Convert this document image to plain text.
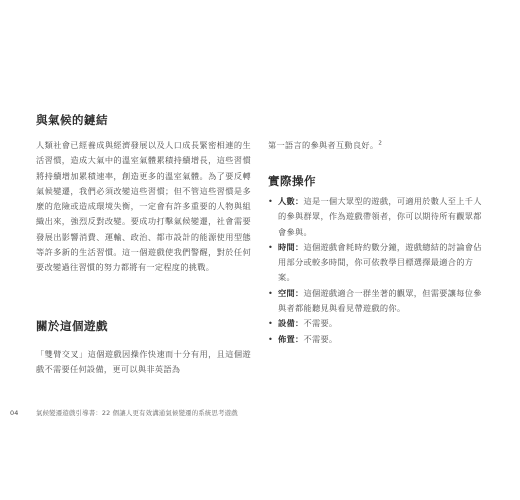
與氣候的鏈結

人類社會已經養成與經濟發展以及人口成長緊密相連的生活習慣，造成大氣中的溫室氣體累積持續增長，這些習慣將持續增加累積速率，創造更多的溫室氣體。為了要反轉氣候變遷，我們必須改變這些習慣；但不管這些習慣是多麼的危險或造成環境失衡，一定會有許多重要的人物與組織出來，強烈反對改變。要成功打擊氣候變遷，社會需要發展出影響消費、運輸、政治、都市設計的能源使用型態等許多新的生活習慣。這一個遊戲使我們警醒，對於任何要改變過往習慣的努力都將有一定程度的挑戰。

關於這個遊戲

「雙臂交叉」這個遊戲因操作快速而十分有用，且這個遊戲不需要任何設備，更可以與非英語為

第一語言的參與者互動良好。$^2$

實際操作
• 人數：這是一個大眾型的遊戲，可適用於數人至上千人的參與群眾，作為遊戲帶領者，你可以期待所有觀眾都會參與。
• 時間：這個遊戲會耗時約數分鐘，遊戲總結的討論會佔用部分或較多時間，你可依教學目標選擇最適合的方案。
• 空間：這個遊戲適合一群坐著的觀眾，但需要讓每位參與者都能聽見與看見帶遊戲的你。
• 設備：不需要。
• 佈置：不需要。
04	氣候變遷遊戲引導書：22 個讓人更有效溝通氣候變遷的系統思考遊戲
